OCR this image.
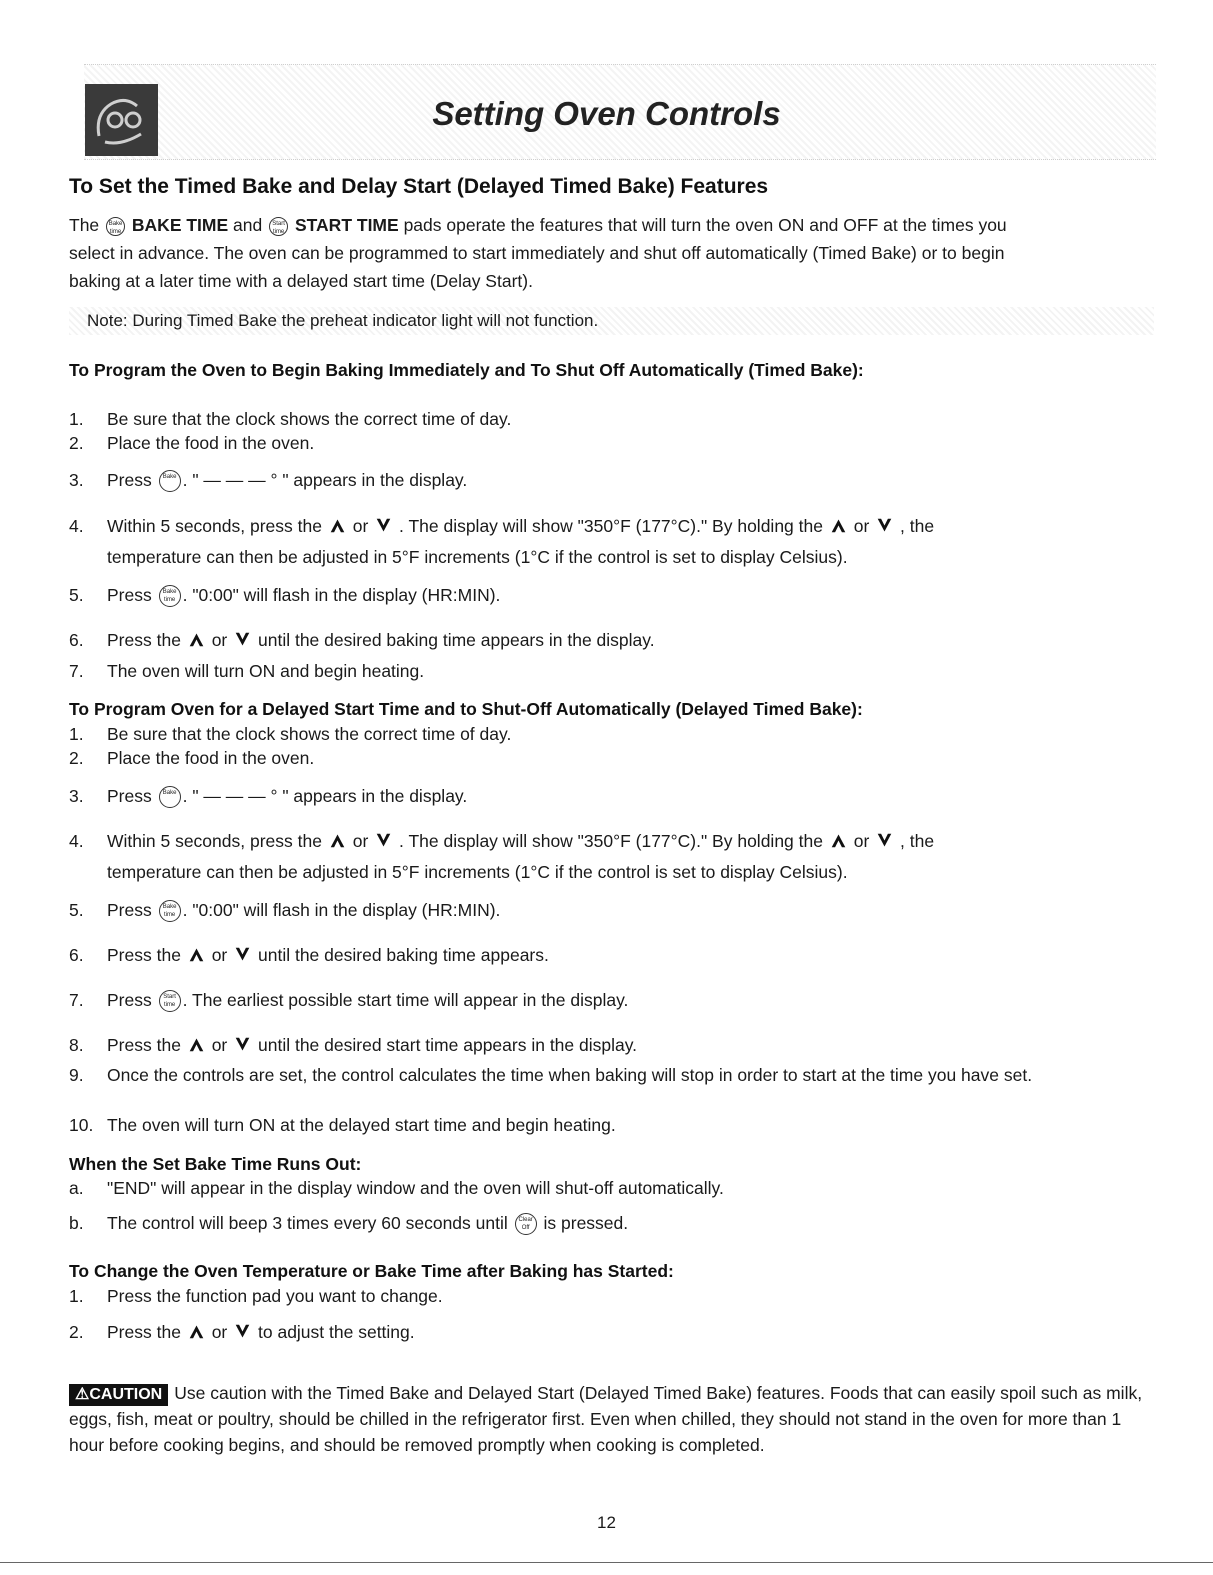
Setting Oven Controls
To Set the Timed Bake and Delay Start (Delayed Timed Bake) Features
The Bake time BAKE TIME and Start time START TIME pads operate the features that will turn the oven ON and OFF at the times you
select in advance. The oven can be programmed to start immediately and shut off automatically (Timed Bake) or to begin
baking at a later time with a delayed start time (Delay Start).
Note: During Timed Bake the preheat indicator light will not function.
To Program the Oven to Begin Baking Immediately and To Shut Off Automatically (Timed Bake):
1. Be sure that the clock shows the correct time of day.
2. Place the food in the oven.
3. Press Bake . " — — — ° " appears in the display.
4. Within 5 seconds, press the or . The display will show "350°F (177°C)." By holding the or , the
temperature can then be adjusted in 5°F increments (1°C if the control is set to display Celsius).
5. Press Bake time . "0:00" will flash in the display (HR:MIN).
6. Press the or until the desired baking time appears in the display.
7. The oven will turn ON and begin heating.
To Program Oven for a Delayed Start Time and to Shut-Off Automatically (Delayed Timed Bake):
1. Be sure that the clock shows the correct time of day.
2. Place the food in the oven.
3. Press Bake . " — — — ° " appears in the display.
4. Within 5 seconds, press the or . The display will show "350°F (177°C)." By holding the or , the
temperature can then be adjusted in 5°F increments (1°C if the control is set to display Celsius).
5. Press Bake time . "0:00" will flash in the display (HR:MIN).
6. Press the or until the desired baking time appears.
7. Press Start time . The earliest possible start time will appear in the display.
8. Press the or until the desired start time appears in the display.
9. Once the controls are set, the control calculates the time when baking will stop in order to start at the time you have set.
10. The oven will turn ON at the delayed start time and begin heating.
When the Set Bake Time Runs Out:
a. "END" will appear in the display window and the oven will shut-off automatically.
b. The control will beep 3 times every 60 seconds until Clear Off is pressed.
To Change the Oven Temperature or Bake Time after Baking has Started:
1. Press the function pad you want to change.
2. Press the or to adjust the setting.
⚠CAUTION Use caution with the Timed Bake and Delayed Start (Delayed Timed Bake) features. Foods that can easily spoil such as milk, eggs, fish, meat or poultry, should be chilled in the refrigerator first. Even when chilled, they should not stand in the oven for more than 1 hour before cooking begins, and should be removed promptly when cooking is completed.
12
